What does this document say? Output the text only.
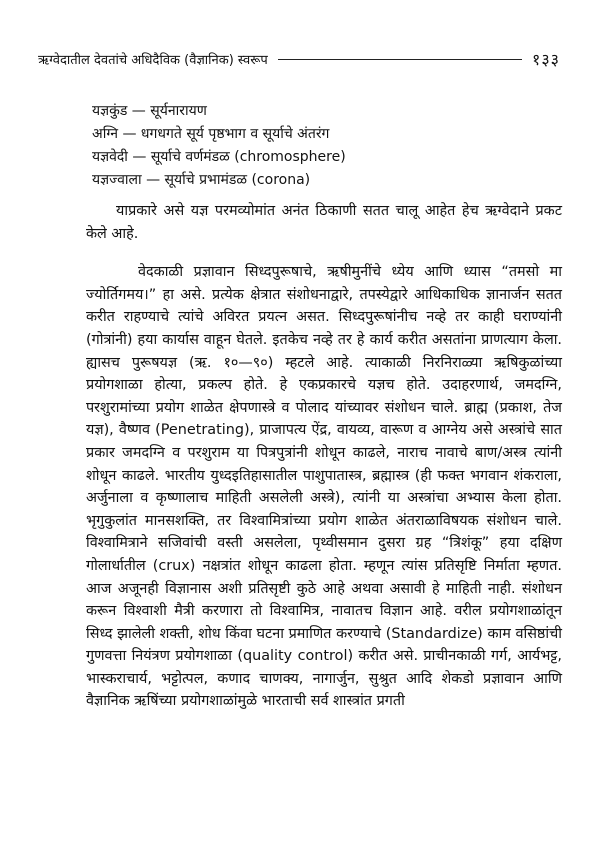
ऋग्वेदातील देवतांचे अधिदैविक (वैज्ञानिक) स्वरूप	१३३
यज्ञकुंड — सूर्यनारायण
अग्नि — धगधगते सूर्य पृष्ठभाग व सूर्याचे अंतरंग
यज्ञवेदी — सूर्याचे वर्णमंडळ (chromosphere)
यज्ञज्वाला — सूर्याचे प्रभामंडळ (corona)

याप्रकारे असे यज्ञ परमव्योमांत अनंत ठिकाणी सतत चालू आहेत हेच ऋग्वेदाने प्रकट केले आहे.

वेदकाळी प्रज्ञावान सिध्दपुरूषाचे, ऋषीमुनींचे ध्येय आणि ध्यास “तमसो मा ज्योर्तिगमय।” हा असे. प्रत्येक क्षेत्रात संशोधनाद्वारे, तपस्येद्वारे आधिकाधिक ज्ञानार्जन सतत करीत राहण्याचे त्यांचे अविरत प्रयत्न असत. सिध्दपुरूषांनीच नव्हे तर काही घराण्यांनी (गोत्रांनी) हया कार्यास वाहून घेतले. इतकेच नव्हे तर हे कार्य करीत असतांना प्राणत्याग केला. ह्यासच पुरूषयज्ञ (ऋ. १०—९०) म्हटले आहे. त्याकाळी निरनिराळ्या ऋषिकुळांच्या प्रयोगशाळा होत्या, प्रकल्प होते. हे एकप्रकारचे यज्ञच होते. उदाहरणार्थ, जमदग्नि, परशुरामांच्या प्रयोग शाळेत क्षेपणास्त्रे व पोलाद यांच्यावर संशोधन चाले. ब्राह्म (प्रकाश, तेज यज्ञ), वैष्णव (Penetrating), प्राजापत्य ऐंद्र, वायव्य, वारूण व आग्नेय असे अस्त्रांचे सात प्रकार जमदग्नि व परशुराम या पित्रपुत्रांनी शोधून काढले, नाराच नावाचे बाण/अस्त्र त्यांनी शोधून काढले. भारतीय युध्दइतिहासातील पाशुपातास्त्र, ब्रह्मास्त्र (ही फक्त भगवान शंकराला, अर्जुनाला व कृष्णालाच माहिती असलेली अस्त्रे), त्यांनी या अस्त्रांचा अभ्यास केला होता. भृगुकुलांत मानसशक्ति, तर विश्वामित्रांच्या प्रयोग शाळेत अंतराळाविषयक संशोधन चाले. विश्वामित्राने सजिवांची वस्ती असलेला, पृथ्वीसमान दुसरा ग्रह “त्रिशंकू” हया दक्षिण गोलार्धातील (crux) नक्षत्रांत शोधून काढला होता. म्हणून त्यांस प्रतिसृष्टि निर्माता म्हणत. आज अजूनही विज्ञानास अशी प्रतिसृष्टी कुठे आहे अथवा असावी हे माहिती नाही. संशोधन करून विश्वाशी मैत्री करणारा तो विश्वामित्र, नावातच विज्ञान आहे. वरील प्रयोगशाळांतून सिध्द झालेली शक्ती, शोध किंवा घटना प्रमाणित करण्याचे (Standardize) काम वसिष्ठांची गुणवत्ता नियंत्रण प्रयोगशाळा (quality control) करीत असे. प्राचीनकाळी गर्ग, आर्यभट्ट, भास्कराचार्य, भट्टोत्पल, कणाद चाणक्य, नागार्जुन, सुश्रुत आदि शेकडो प्रज्ञावान आणि वैज्ञानिक ऋषिंच्या प्रयोगशाळांमुळे भारताची सर्व शास्त्रांत प्रगती
